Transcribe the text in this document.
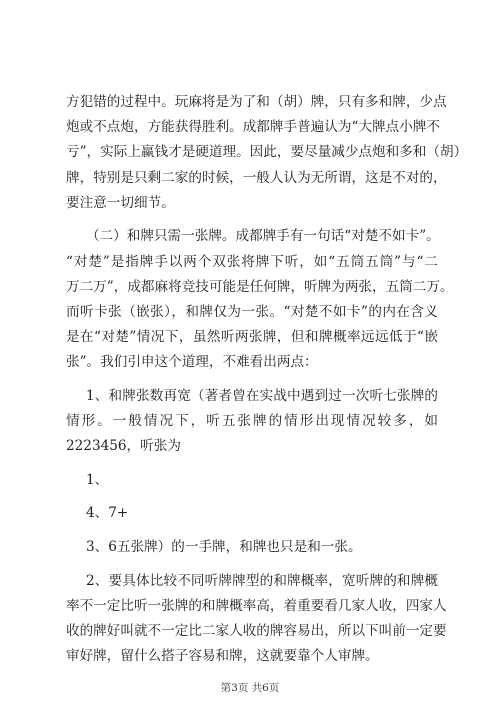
方犯错的过程中。玩麻将是为了和（胡）牌，只有多和牌，少点
炮或不点炮，方能获得胜利。成都牌手普遍认为“大牌点小牌不
亏”，实际上赢钱才是硬道理。因此，要尽量减少点炮和多和（胡）
牌，特别是只剩二家的时候，一般人认为无所谓，这是不对的，
要注意一切细节。
（二）和牌只需一张牌。成都牌手有一句话“对楚不如卡”。
“对楚”是指牌手以两个双张将牌下听，如“五筒五筒”与“二
万二万”，成都麻将竞技可能是任何牌，听牌为两张，五筒二万。
而听卡张（嵌张），和牌仅为一张。“对楚不如卡”的内在含义
是在“对楚”情况下，虽然听两张牌，但和牌概率远远低于“嵌
张”。我们引申这个道理，不难看出两点：
1、和牌张数再宽（著者曾在实战中遇到过一次听七张牌的
情形。一般情况下，听五张牌的情形出现情况较多，如
2223456，听张为
1、
4、7+
3、6五张牌）的一手牌，和牌也只是和一张。
2、要具体比较不同听牌牌型的和牌概率，宽听牌的和牌概
率不一定比听一张牌的和牌概率高，着重要看几家人收，四家人
收的牌好叫就不一定比二家人收的牌容易出，所以下叫前一定要
审好牌，留什么搭子容易和牌，这就要靠个人审牌。
第3页 共6页
